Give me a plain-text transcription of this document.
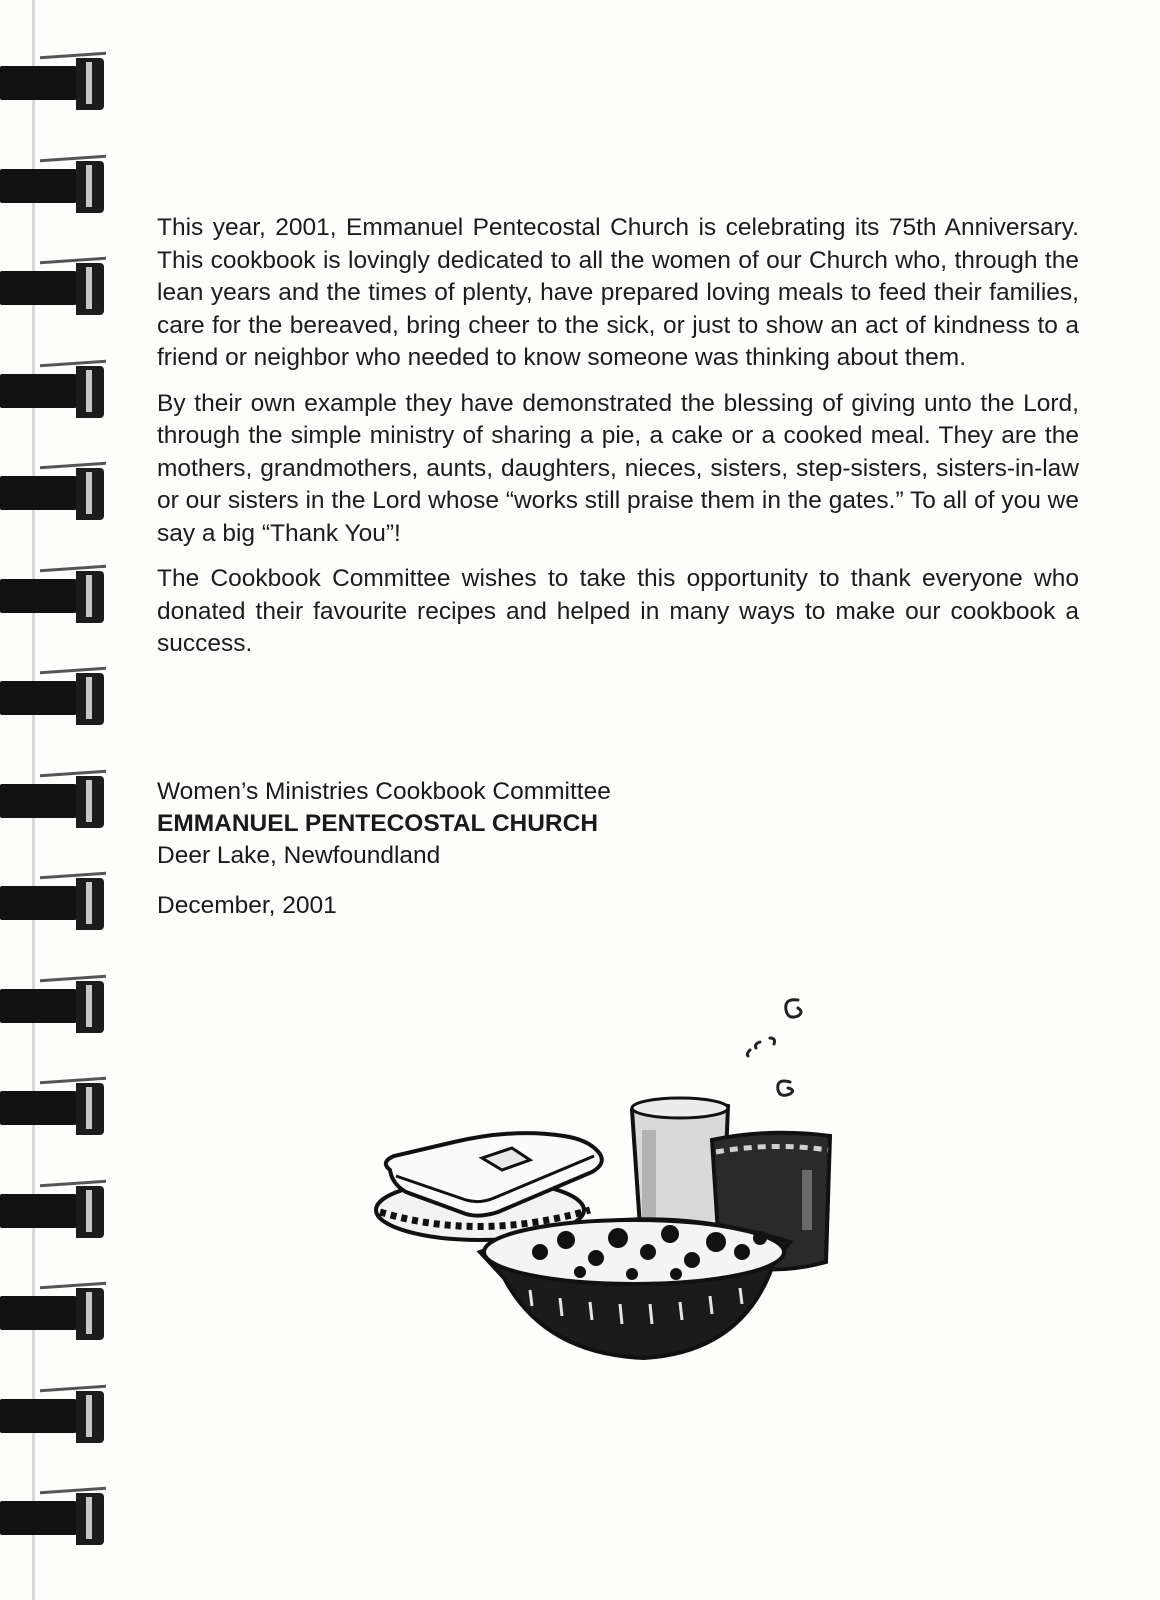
This year, 2001, Emmanuel Pentecostal Church is celebrating its 75th Anniversary. This cookbook is lovingly dedicated to all the women of our Church who, through the lean years and the times of plenty, have prepared loving meals to feed their families, care for the bereaved, bring cheer to the sick, or just to show an act of kindness to a friend or neighbor who needed to know someone was thinking about them.

By their own example they have demonstrated the blessing of giving unto the Lord, through the simple ministry of sharing a pie, a cake or a cooked meal. They are the mothers, grandmothers, aunts, daughters, nieces, sisters, step-sisters, sisters-in-law or our sisters in the Lord whose “works still praise them in the gates.” To all of you we say a big “Thank You”!

The Cookbook Committee wishes to take this opportunity to thank everyone who donated their favourite recipes and helped in many ways to make our cookbook a success.

Women’s Ministries Cookbook Committee

EMMANUEL PENTECOSTAL CHURCH

Deer Lake, Newfoundland

December, 2001
